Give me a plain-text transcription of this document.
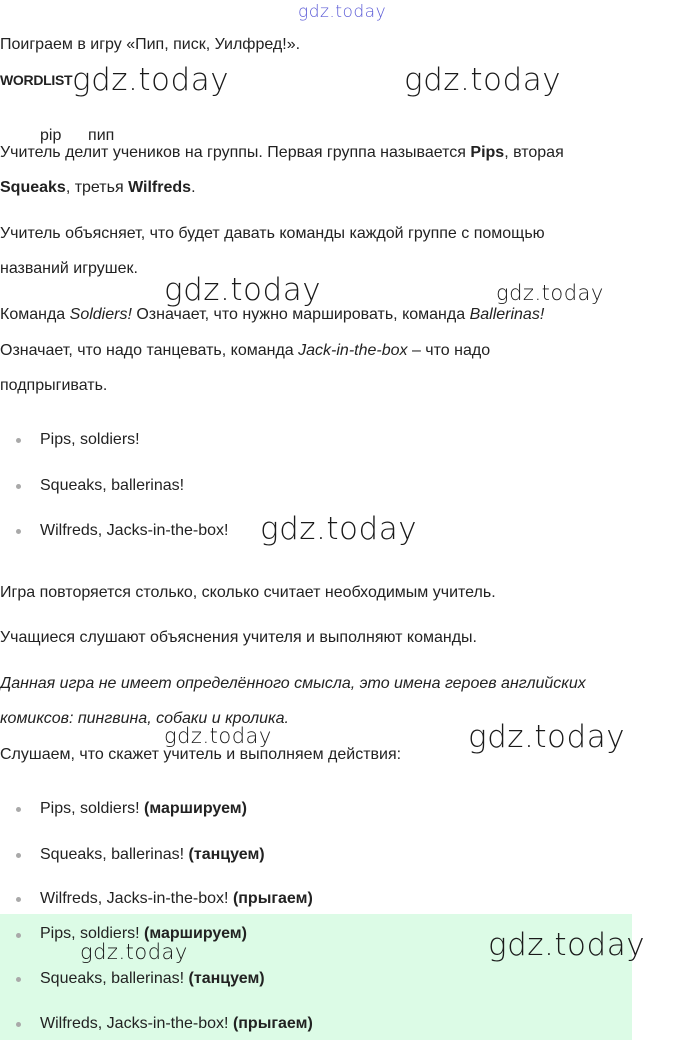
gdz.today
gdz.today	gdz.today
gdz.today	gdz.today
gdz.today
gdz.today	gdz.today
gdz.today	gdz.today
Поиграем в игру «Пип, писк, Уилфред!».
WORDLIST
pip пип
Учитель делит учеников на группы. Первая группа называется Pips, вторая
Squeaks, третья Wilfreds.
Учитель объясняет, что будет давать команды каждой группе с помощью
названий игрушек.
Команда Soldiers! Означает, что нужно маршировать, команда Ballerinas!
Означает, что надо танцевать, команда Jack-in-the-box – что надо
подпрыгивать.
Pips, soldiers!
Squeaks, ballerinas!
Wilfreds, Jacks-in-the-box!
Игра повторяется столько, сколько считает необходимым учитель.
Учащиеся слушают объяснения учителя и выполняют команды.
Данная игра не имеет определённого смысла, это имена героев английских
комиксов: пингвина, собаки и кролика.
Слушаем, что скажет учитель и выполняем действия:
Pips, soldiers! (маршируем)
Squeaks, ballerinas! (танцуем)
Wilfreds, Jacks-in-the-box! (прыгаем)
Pips, soldiers! (маршируем)
Squeaks, ballerinas! (танцуем)
Wilfreds, Jacks-in-the-box! (прыгаем)
